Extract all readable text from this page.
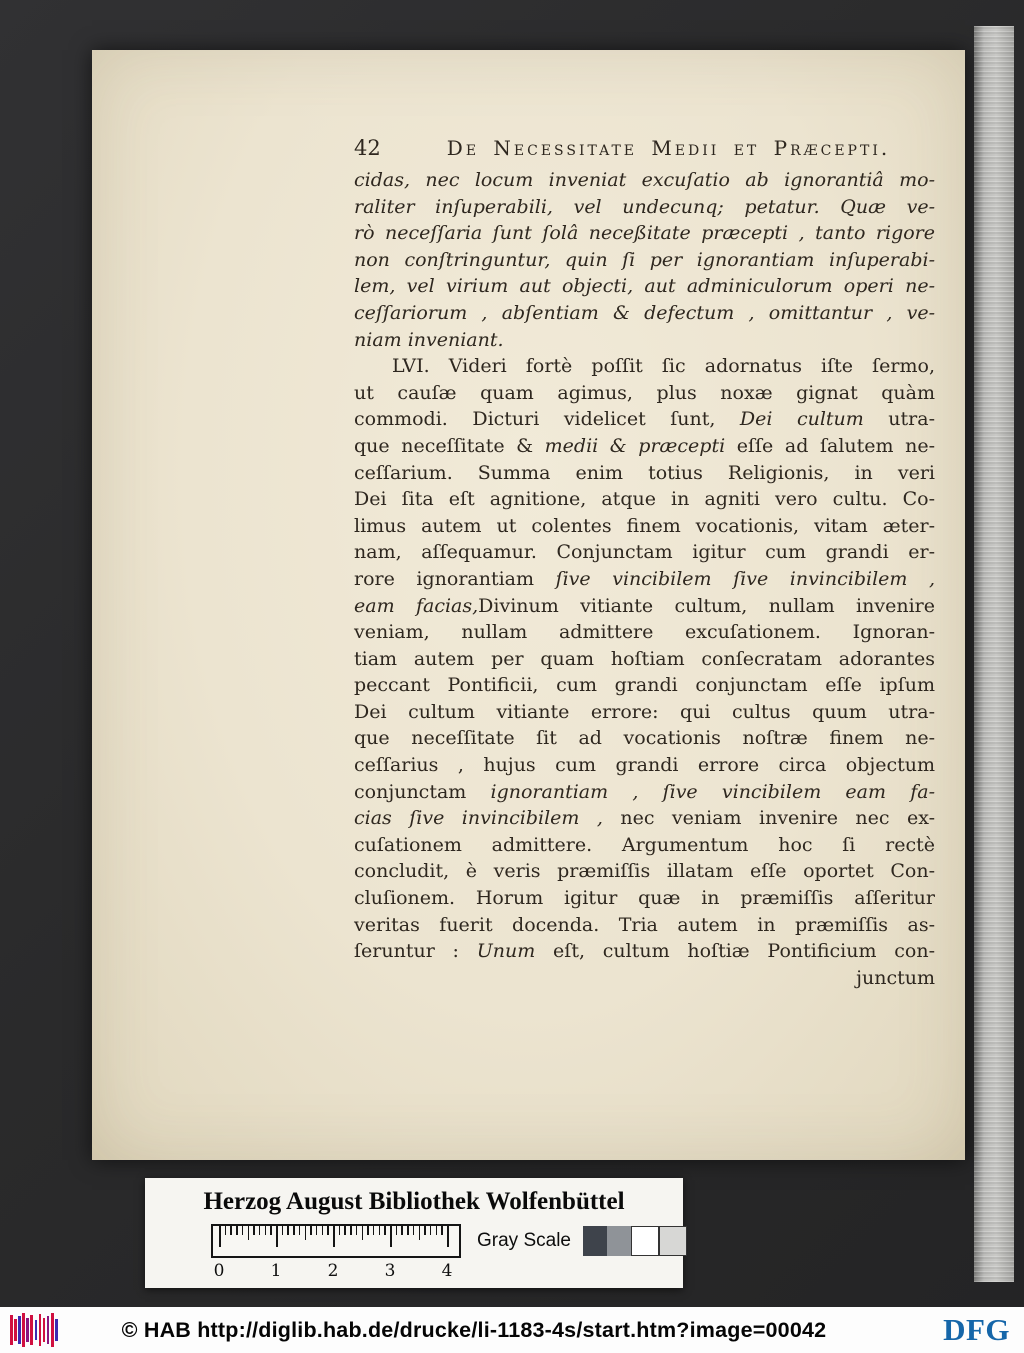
42	De Necessitate Medii et Præcepti.
cidas, nec locum inveniat excuſatio ab ignorantiâ mo-
raliter inſuperabili, vel undecunq; petatur. Quæ ve-
rò neceſſaria ſunt ſolâ neceßitate præcepti , tanto rigore
non conſtringuntur, quin ſi per ignorantiam inſuperabi-
lem, vel virium aut objecti, aut adminiculorum operi ne-
ceſſariorum , abſentiam & defectum , omittantur , ve-
niam inveniant.
LVI. Videri fortè poſſit ſic adornatus iſte ſermo,
ut cauſæ quam agimus, plus noxæ gignat quàm
commodi. Dicturi videlicet ſunt, Dei cultum utra-
que neceſſitate & medii & præcepti eſſe ad ſalutem ne-
ceſſarium. Summa enim totius Religionis, in veri
Dei ſita eſt agnitione, atque in agniti vero cultu. Co-
limus autem ut colentes finem vocationis, vitam æter-
nam, aſſequamur. Conjunctam igitur cum grandi er-
rore ignorantiam ſive vincibilem ſive invincibilem ,
eam facias,Divinum vitiante cultum, nullam invenire
veniam, nullam admittere excuſationem. Ignoran-
tiam autem per quam hoſtiam conſecratam adorantes
peccant Pontificii, cum grandi conjunctam eſſe ipſum
Dei cultum vitiante errore: qui cultus quum utra-
que neceſſitate ſit ad vocationis noſtræ finem ne-
ceſſarius , hujus cum grandi errore circa objectum
conjunctam ignorantiam , ſive vincibilem eam fa-
cias ſive invincibilem , nec veniam invenire nec ex-
cuſationem admittere. Argumentum hoc ſi rectè
concludit, è veris præmiſſis illatam eſſe oportet Con-
cluſionem. Horum igitur quæ in præmiſſis aſſeritur
veritas fuerit docenda. Tria autem in præmiſſis as-
ſeruntur : Unum eſt, cultum hoſtiæ Pontificium con-
junctum
Herzog August Bibliothek Wolfenbüttel
0	1	2	3	4
Gray Scale
© HAB http://diglib.hab.de/drucke/li-1183-4s/start.htm?image=00042	DFG
